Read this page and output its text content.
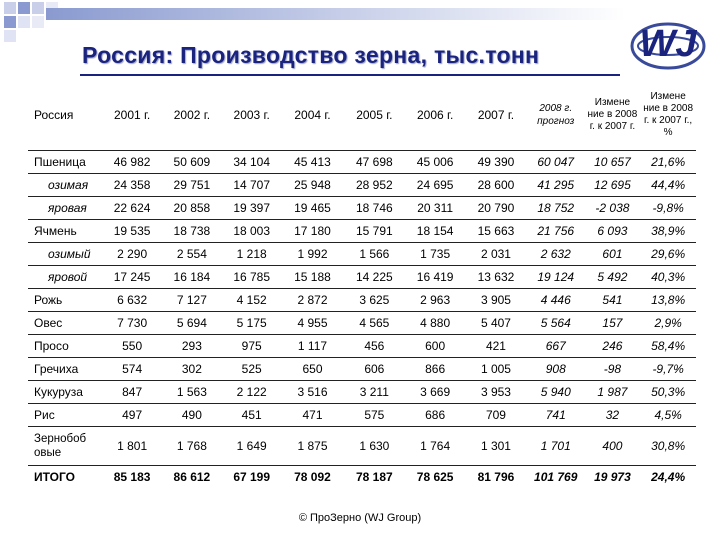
Россия: Производство зерна, тыс.тонн	WJ
Россия	2001 г.	2002 г.	2003 г.	2004 г.	2005 г.	2006 г.	2007 г.	2008 г. прогноз	Измене ние в 2008 г. к 2007 г.	Измене ние в 2008 г. к 2007 г., %
Пшеница	46 982	50 609	34 104	45 413	47 698	45 006	49 390	60 047	10 657	21,6%
озимая	24 358	29 751	14 707	25 948	28 952	24 695	28 600	41 295	12 695	44,4%
яровая	22 624	20 858	19 397	19 465	18 746	20 311	20 790	18 752	-2 038	-9,8%
Ячмень	19 535	18 738	18 003	17 180	15 791	18 154	15 663	21 756	6 093	38,9%
озимый	2 290	2 554	1 218	1 992	1 566	1 735	2 031	2 632	601	29,6%
яровой	17 245	16 184	16 785	15 188	14 225	16 419	13 632	19 124	5 492	40,3%
Рожь	6 632	7 127	4 152	2 872	3 625	2 963	3 905	4 446	541	13,8%
Овес	7 730	5 694	5 175	4 955	4 565	4 880	5 407	5 564	157	2,9%
Просо	550	293	975	1 117	456	600	421	667	246	58,4%
Гречиха	574	302	525	650	606	866	1 005	908	-98	-9,7%
Кукуруза	847	1 563	2 122	3 516	3 211	3 669	3 953	5 940	1 987	50,3%
Рис	497	490	451	471	575	686	709	741	32	4,5%
Зернобоб овые	1 801	1 768	1 649	1 875	1 630	1 764	1 301	1 701	400	30,8%
ИТОГО	85 183	86 612	67 199	78 092	78 187	78 625	81 796	101 769	19 973	24,4%
© ПроЗерно (WJ Group)
